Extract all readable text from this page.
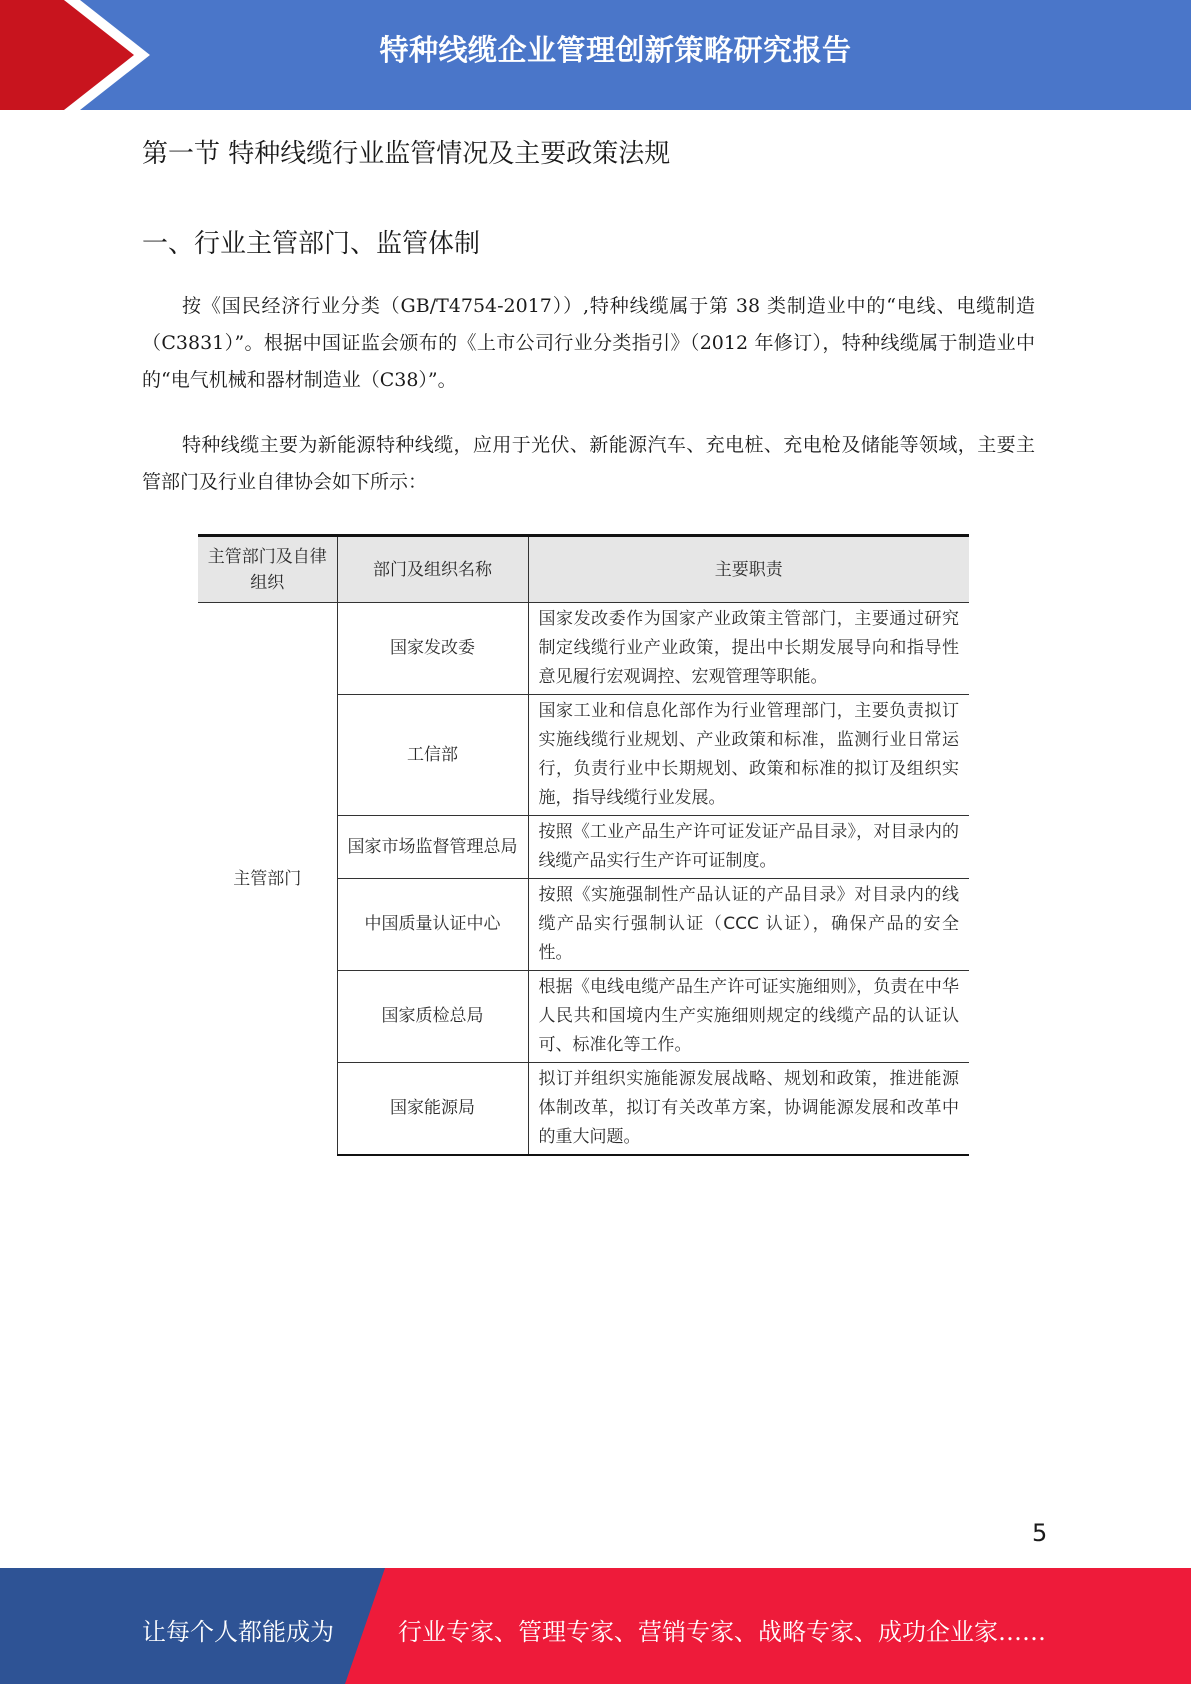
特种线缆企业管理创新策略研究报告
第一节 特种线缆行业监管情况及主要政策法规
一、行业主管部门、监管体制

按《国民经济行业分类（GB/T4754-2017））,特种线缆属于第 38 类制造业中的“电线、电缆制造（C3831）”。根据中国证监会颁布的《上市公司行业分类指引》（2012 年修订），特种线缆属于制造业中的“电气机械和器材制造业（C38）”。

特种线缆主要为新能源特种线缆，应用于光伏、新能源汽车、充电桩、充电枪及储能等领域，主要主管部门及行业自律协会如下所示：

主管部门及自律组织	部门及组织名称	主要职责
主管部门	国家发改委	国家发改委作为国家产业政策主管部门，主要通过研究制定线缆行业产业政策，提出中长期发展导向和指导性意见履行宏观调控、宏观管理等职能。
	工信部	国家工业和信息化部作为行业管理部门，主要负责拟订实施线缆行业规划、产业政策和标准，监测行业日常运行，负责行业中长期规划、政策和标准的拟订及组织实施，指导线缆行业发展。
	国家市场监督管理总局	按照《工业产品生产许可证发证产品目录》，对目录内的线缆产品实行生产许可证制度。
	中国质量认证中心	按照《实施强制性产品认证的产品目录》对目录内的线缆产品实行强制认证（CCC 认证），确保产品的安全性。
	国家质检总局	根据《电线电缆产品生产许可证实施细则》，负责在中华人民共和国境内生产实施细则规定的线缆产品的认证认可、标准化等工作。
	国家能源局	拟订并组织实施能源发展战略、规划和政策，推进能源体制改革，拟订有关改革方案，协调能源发展和改革中的重大问题。
5
让每个人都能成为	行业专家、管理专家、营销专家、战略专家、成功企业家……
